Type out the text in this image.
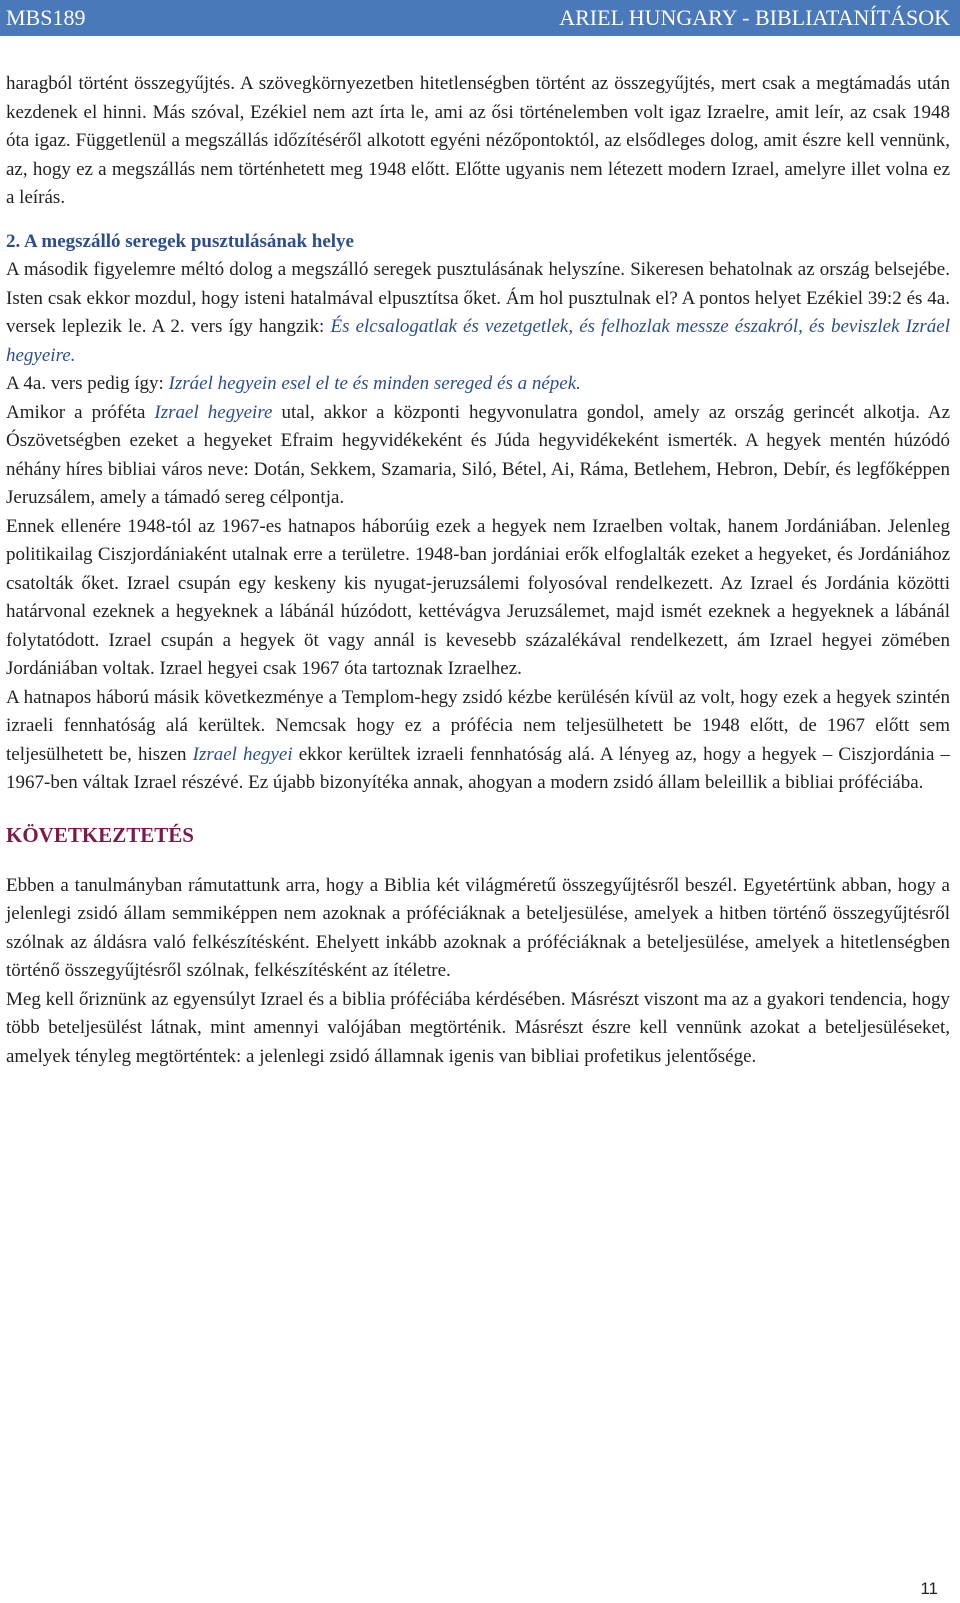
MBS189	ARIEL HUNGARY - BIBLIATANÍTÁSOK

haragból történt összegyűjtés. A szövegkörnyezetben hitetlenségben történt az összegyűjtés, mert csak a megtámadás után kezdenek el hinni. Más szóval, Ezékiel nem azt írta le, ami az ősi történelemben volt igaz Izraelre, amit leír, az csak 1948 óta igaz. Függetlenül a megszállás időzítéséről alkotott egyéni nézőpontoktól, az elsődleges dolog, amit észre kell vennünk, az, hogy ez a megszállás nem történhetett meg 1948 előtt. Előtte ugyanis nem létezett modern Izrael, amelyre illet volna ez a leírás.

2. A megszálló seregek pusztulásának helye

A második figyelemre méltó dolog a megszálló seregek pusztulásának helyszíne. Sikeresen behatolnak az ország belsejébe. Isten csak ekkor mozdul, hogy isteni hatalmával elpusztítsa őket. Ám hol pusztulnak el? A pontos helyet Ezékiel 39:2 és 4a. versek leplezik le. A 2. vers így hangzik: És elcsalogatlak és vezetgetlek, és felhozlak messze északról, és beviszlek Izráel hegyeire.

A 4a. vers pedig így: Izráel hegyein esel el te és minden sereged és a népek.

Amikor a próféta Izrael hegyeire utal, akkor a központi hegyvonulatra gondol, amely az ország gerincét alkotja. Az Ószövetségben ezeket a hegyeket Efraim hegyvidékeként és Júda hegyvidékeként ismerték. A hegyek mentén húzódó néhány híres bibliai város neve: Dotán, Sekkem, Szamaria, Siló, Bétel, Ai, Ráma, Betlehem, Hebron, Debír, és legfőképpen Jeruzsálem, amely a támadó sereg célpontja.

Ennek ellenére 1948-tól az 1967-es hatnapos háborúig ezek a hegyek nem Izraelben voltak, hanem Jordániában. Jelenleg politikailag Ciszjordániaként utalnak erre a területre. 1948-ban jordániai erők elfoglalták ezeket a hegyeket, és Jordániához csatolták őket. Izrael csupán egy keskeny kis nyugat-jeruzsálemi folyosóval rendelkezett. Az Izrael és Jordánia közötti határvonal ezeknek a hegyeknek a lábánál húzódott, kettévágva Jeruzsálemet, majd ismét ezeknek a hegyeknek a lábánál folytatódott. Izrael csupán a hegyek öt vagy annál is kevesebb százalékával rendelkezett, ám Izrael hegyei zömében Jordániában voltak. Izrael hegyei csak 1967 óta tartoznak Izraelhez.

A hatnapos háború másik következménye a Templom-hegy zsidó kézbe kerülésén kívül az volt, hogy ezek a hegyek szintén izraeli fennhatóság alá kerültek. Nemcsak hogy ez a prófécia nem teljesülhetett be 1948 előtt, de 1967 előtt sem teljesülhetett be, hiszen Izrael hegyei ekkor kerültek izraeli fennhatóság alá. A lényeg az, hogy a hegyek – Ciszjordánia – 1967-ben váltak Izrael részévé. Ez újabb bizonyítéka annak, ahogyan a modern zsidó állam beleillik a bibliai próféciába.

KÖVETKEZTETÉS

Ebben a tanulmányban rámutattunk arra, hogy a Biblia két világméretű összegyűjtésről beszél. Egyetértünk abban, hogy a jelenlegi zsidó állam semmiképpen nem azoknak a próféciáknak a beteljesülése, amelyek a hitben történő összegyűjtésről szólnak az áldásra való felkészítésként. Ehelyett inkább azoknak a próféciáknak a beteljesülése, amelyek a hitetlenségben történő összegyűjtésről szólnak, felkészítésként az ítéletre.

Meg kell őriznünk az egyensúlyt Izrael és a biblia próféciába kérdésében. Másrészt viszont ma az a gyakori tendencia, hogy több beteljesülést látnak, mint amennyi valójában megtörténik. Másrészt észre kell vennünk azokat a beteljesüléseket, amelyek tényleg megtörténtek: a jelenlegi zsidó államnak igenis van bibliai profetikus jelentősége.

11
